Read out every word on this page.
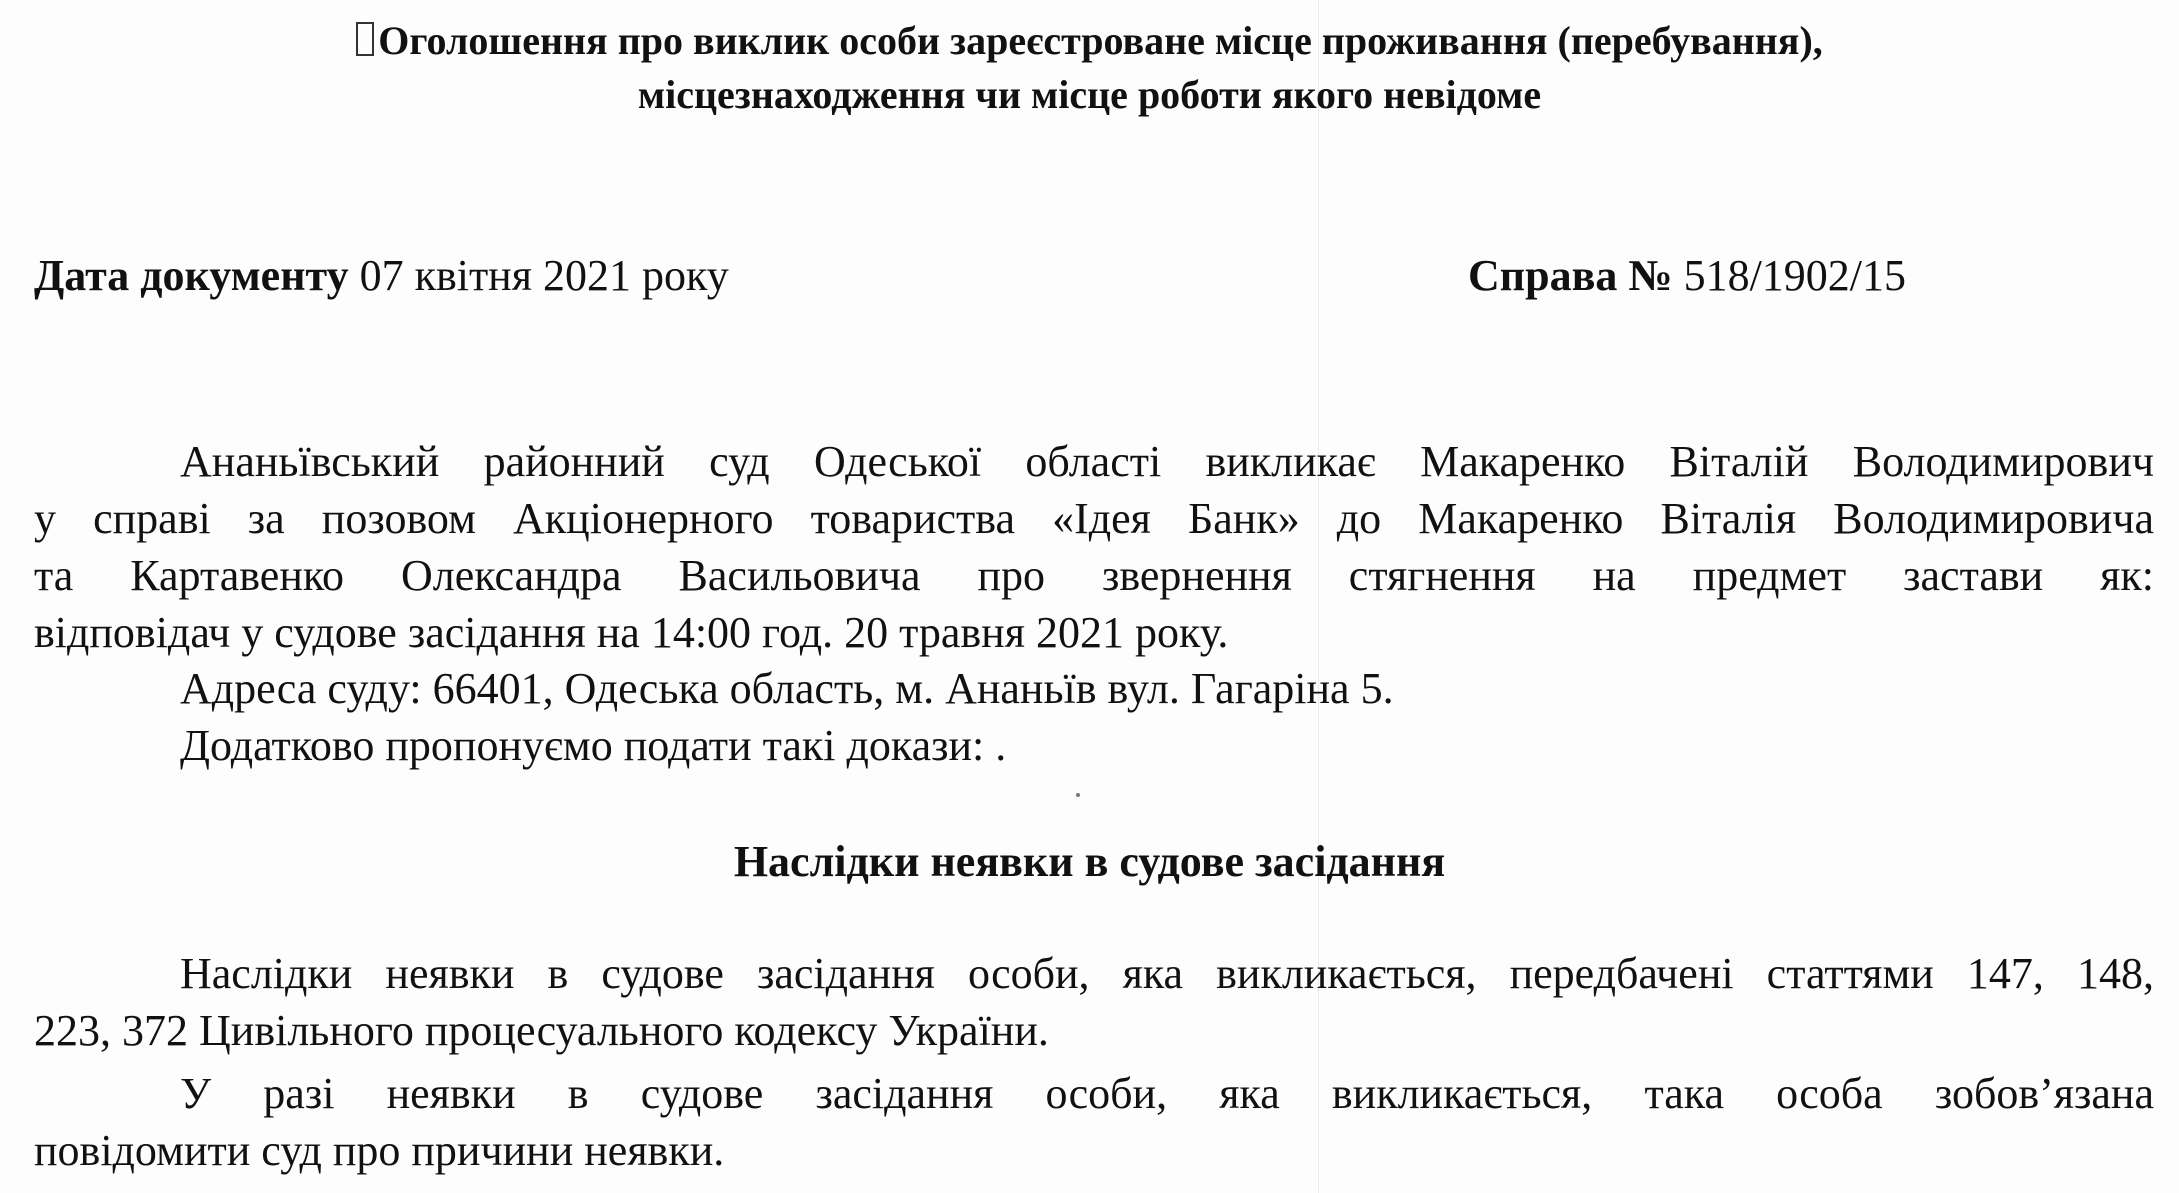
Оголошення про виклик особи зареєстроване місце проживання (перебування),
місцезнаходження чи місце роботи якого невідоме
Дата документу 07 квітня 2021 року	Справа № 518/1902/15
Ананьївський районний суд Одеської області викликає Макаренко Віталій Володимирович
у справі за позовом Акціонерного товариства «Ідея Банк» до Макаренко Віталія Володимировича
та Картавенко Олександра Васильовича про звернення стягнення на предмет застави як:
відповідач у судове засідання на 14:00 год. 20 травня 2021 року.
Адреса суду: 66401, Одеська область, м. Ананьїв вул. Гагаріна 5.
Додатково пропонуємо подати такі докази: .
Наслідки неявки в судове засідання
Наслідки неявки в судове засідання особи, яка викликається, передбачені статтями 147, 148,
223, 372 Цивільного процесуального кодексу України.
У разі неявки в судове засідання особи, яка викликається, така особа зобов’язана
повідомити суд про причини неявки.
